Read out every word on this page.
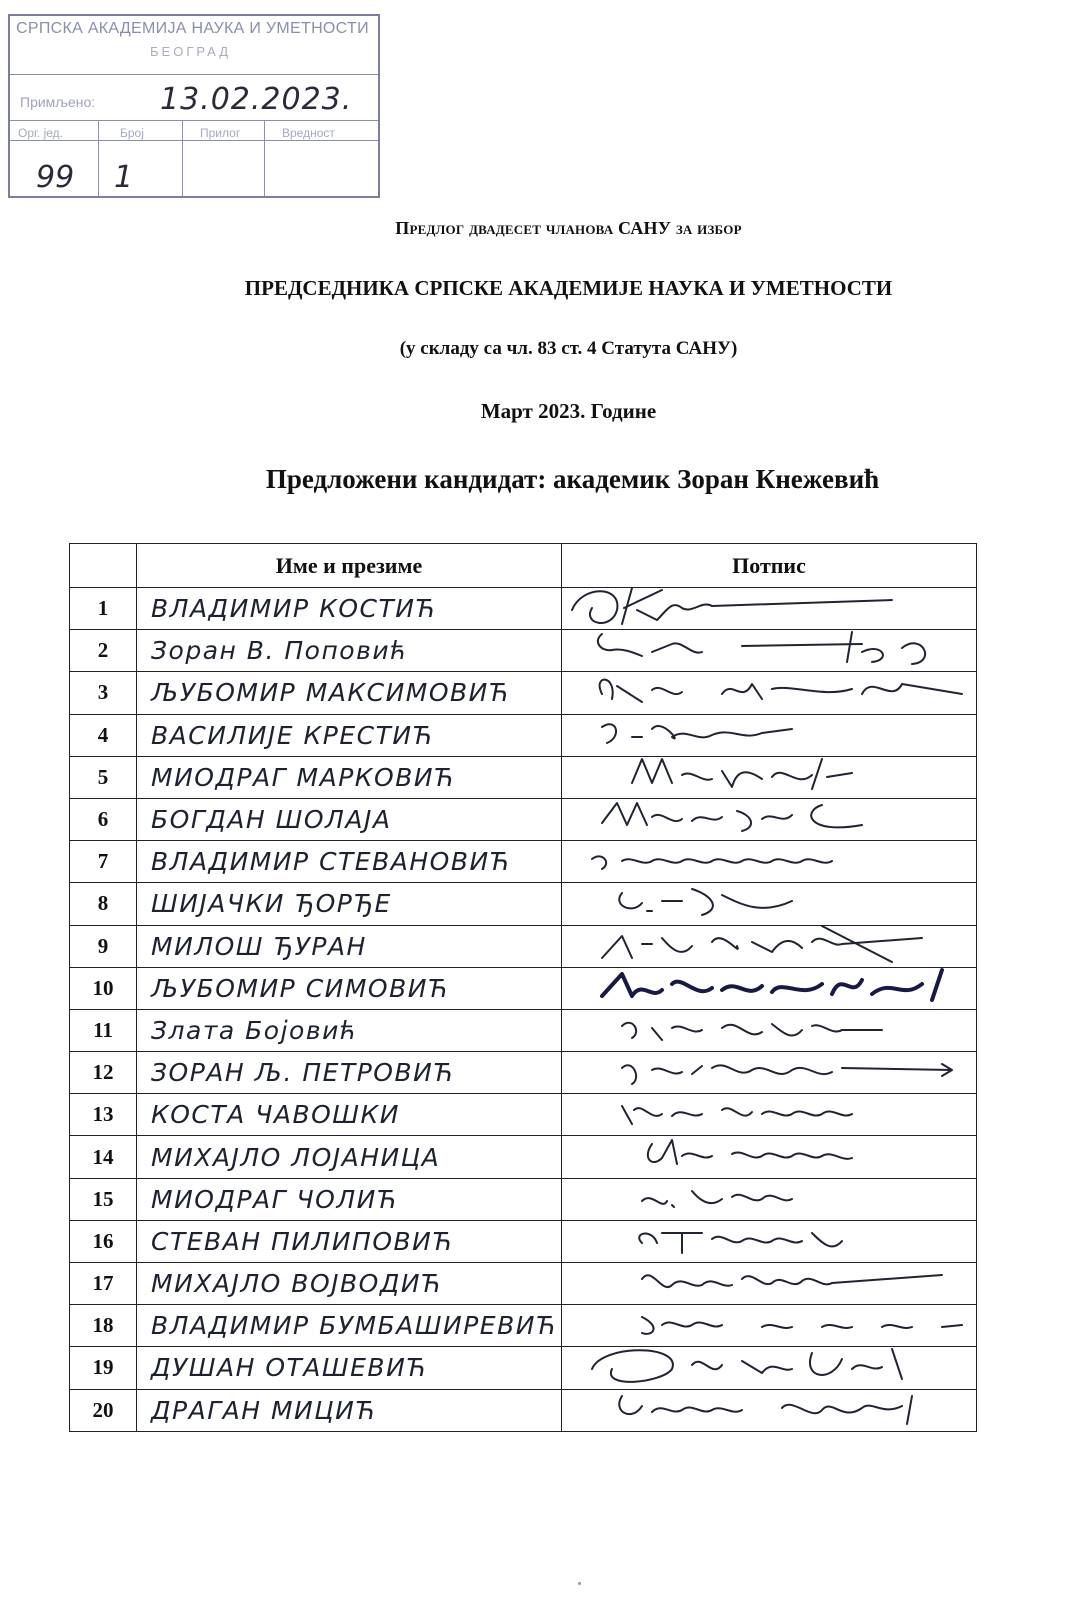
СРПСКА АКАДЕМИЈА НАУКА И УМЕТНОСТИ
БЕОГРАД
Примљено: 13.02.2023.
Орг. јед.	Број	Прилог	Вредност
99 1
Предлог двадесет чланова САНУ за избор
ПРЕДСЕДНИКА СРПСКЕ АКАДЕМИЈЕ НАУКА И УМЕТНОСТИ
(у складу са чл. 83 ст. 4 Статута САНУ)
Март 2023. Године
Предложени кандидат: академик Зоран Кнежевић
	Име и презиме	Потпис
1	ВЛАДИМИР КОСТИЋ	

2	Зоран В. Поповић	

3	ЉУБОМИР МАКСИМОВИЋ	

4	ВАСИЛИЈЕ КРЕСТИЋ	

5	МИОДРАГ МАРКОВИЋ	

6	БОГДАН ШОЛАЈА	

7	ВЛАДИМИР СТЕВАНОВИЋ	

8	ШИЈАЧКИ ЂОРЂЕ	

9	МИЛОШ ЂУРАН	

10	ЉУБОМИР СИМОВИЋ	

11	Злата Бојовић	

12	ЗОРАН Љ. ПЕТРОВИЋ	

13	КОСТА ЧАВОШКИ	

14	МИХАЈЛО ЛОЈАНИЦА	

15	МИОДРАГ ЧОЛИЋ	

16	СТЕВАН ПИЛИПОВИЋ	

17	МИХАЈЛО ВОЈВОДИЋ	

18	ВЛАДИМИР БУМБАШИРЕВИЋ	

19	ДУШАН ОТАШЕВИЋ	

20	ДРАГАН МИЦИЋ	
